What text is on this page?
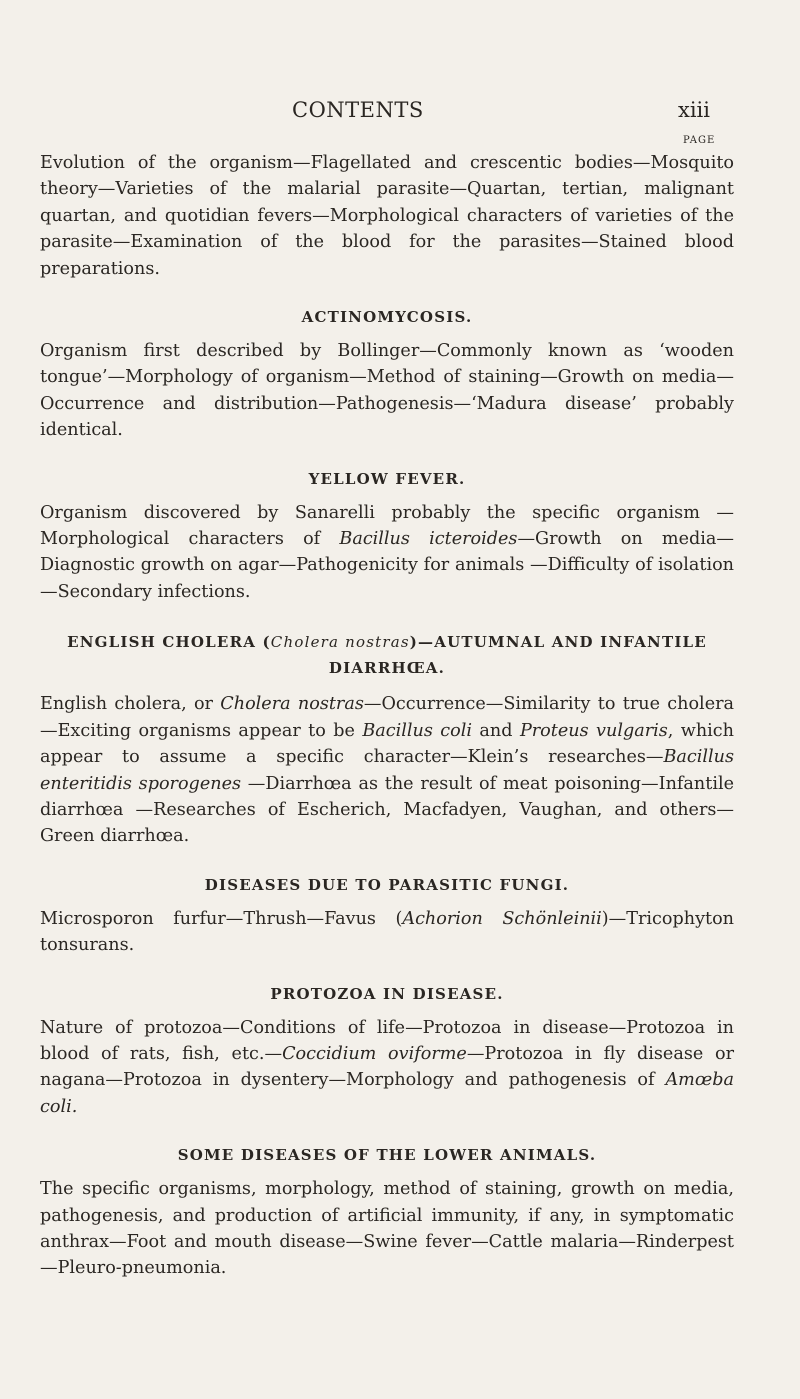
CONTENTS	xiii
PAGE

Evolution of the organism—Flagellated and crescentic bodies—Mosquito theory—Varieties of the malarial parasite—Quartan, tertian, malignant quartan, and quotidian fevers—Morphological characters of varieties of the parasite—Examination of the blood for the parasites—Stained blood preparations.

ACTINOMYCOSIS.

Organism first described by Bollinger—Commonly known as ‘wooden tongue’—Morphology of organism—Method of staining—Growth on media—Occurrence and distribution—Pathogenesis—‘Madura disease’ probably identical.

YELLOW FEVER.

Organism discovered by Sanarelli probably the specific organism —Morphological characters of Bacillus icteroides—Growth on media—Diagnostic growth on agar—Pathogenicity for animals —Difficulty of isolation—Secondary infections.

ENGLISH CHOLERA (Cholera nostras)—AUTUMNAL AND INFANTILE DIARRHŒA.

English cholera, or Cholera nostras—Occurrence—Similarity to true cholera—Exciting organisms appear to be Bacillus coli and Proteus vulgaris, which appear to assume a specific character—Klein’s researches—Bacillus enteritidis sporogenes —Diarrhœa as the result of meat poisoning—Infantile diarrhœa —Researches of Escherich, Macfadyen, Vaughan, and others—Green diarrhœa.

DISEASES DUE TO PARASITIC FUNGI.

Microsporon furfur—Thrush—Favus (Achorion Schönleinii)—Tricophyton tonsurans.

PROTOZOA IN DISEASE.

Nature of protozoa—Conditions of life—Protozoa in disease—Protozoa in blood of rats, fish, etc.—Coccidium oviforme—Protozoa in fly disease or nagana—Protozoa in dysentery—Morphology and pathogenesis of Amœba coli.

SOME DISEASES OF THE LOWER ANIMALS.

The specific organisms, morphology, method of staining, growth on media, pathogenesis, and production of artificial immunity, if any, in symptomatic anthrax—Foot and mouth disease—Swine fever—Cattle malaria—Rinderpest—Pleuro-pneumonia.
